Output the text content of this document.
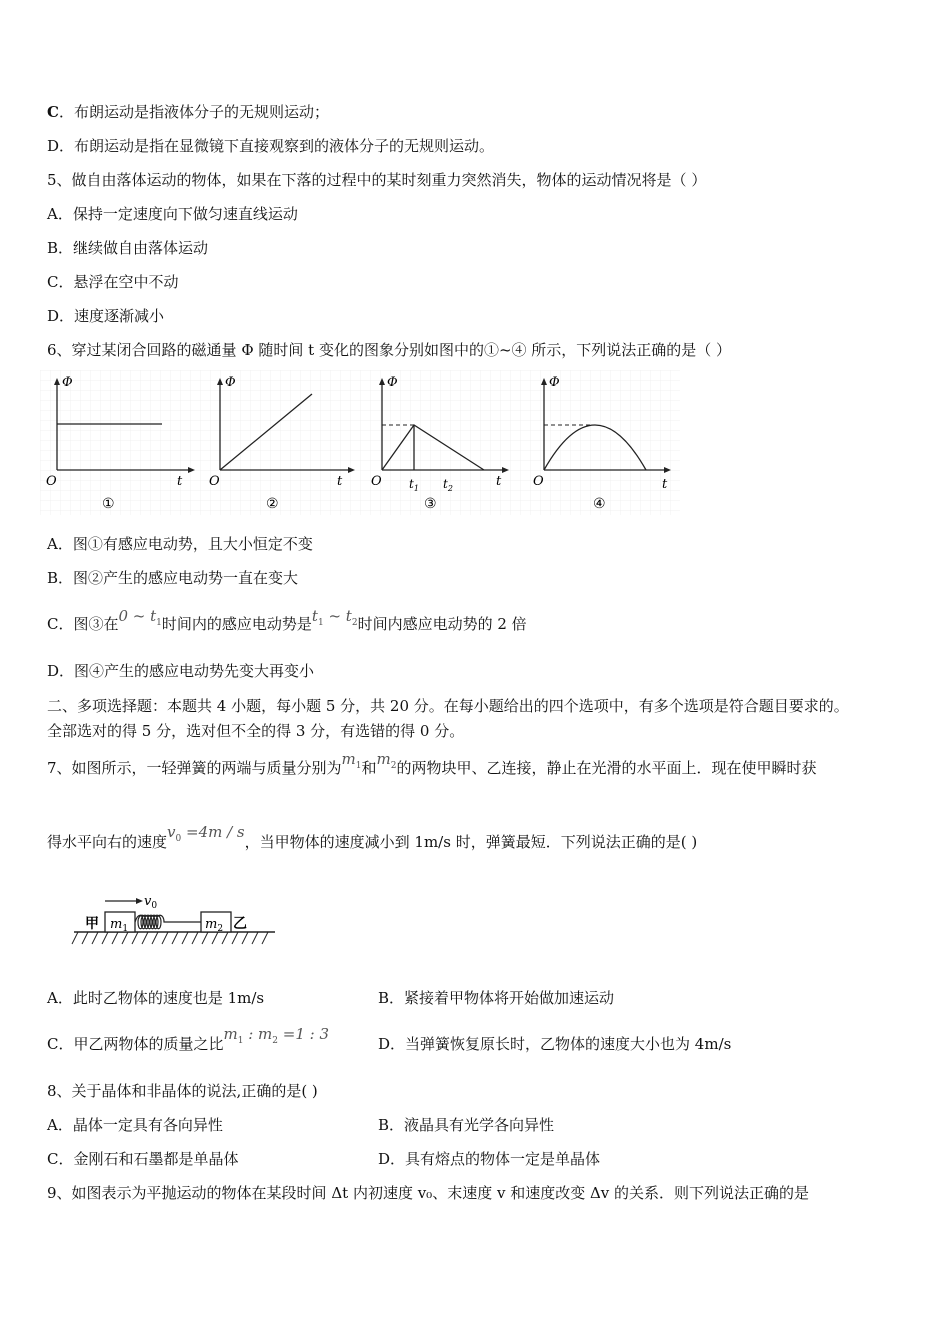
C．布朗运动是指液体分子的无规则运动；
D．布朗运动是指在显微镜下直接观察到的液体分子的无规则运动。
5、做自由落体运动的物体，如果在下落的过程中的某时刻重力突然消失，物体的运动情况将是（ ）
A．保持一定速度向下做匀速直线运动
B．继续做自由落体运动
C．悬浮在空中不动
D．速度逐渐减小
6、穿过某闭合回路的磁通量 Φ 随时间 t 变化的图象分别如图中的①~④ 所示，下列说法正确的是（ ）
Φ
O	t
①
Φ
O	t
②
Φ
O $t_1$ $t_2$	t
③
Φ
O	t
④
A．图①有感应电动势，且大小恒定不变
B．图②产生的感应电动势一直在变大
C．图③在0 ~ $t_1$时间内的感应电动势是$t_1$ ~ $t_2$时间内感应电动势的 2 倍
D．图④产生的感应电动势先变大再变小
二、多项选择题：本题共 4 小题，每小题 5 分，共 20 分。在每小题给出的四个选项中，有多个选项是符合题目要求的。
全部选对的得 5 分，选对但不全的得 3 分，有选错的得 0 分。
7、如图所示，一轻弹簧的两端与质量分别为$m_1$和$m_2$的两物块甲、乙连接，静止在光滑的水平面上．现在使甲瞬时获
得水平向右的速度$v_0 =4m / s$，当甲物体的速度减小到 1m/s 时，弹簧最短．下列说法正确的是( )
$v_0$
甲 $m_1$	$m_2$ 乙
A．此时乙物体的速度也是 1m/s	B．紧接着甲物体将开始做加速运动
C．甲乙两物体的质量之比$m_1$ : $m_2 =1$ : 3
D．当弹簧恢复原长时，乙物体的速度大小也为 4m/s
8、关于晶体和非晶体的说法,正确的是( )
A．晶体一定具有各向异性	B．液晶具有光学各向异性
C．金刚石和石墨都是单晶体	D．具有熔点的物体一定是单晶体
9、如图表示为平抛运动的物体在某段时间 Δt 内初速度 v₀、末速度 v 和速度改变 Δv 的关系．则下列说法正确的是
